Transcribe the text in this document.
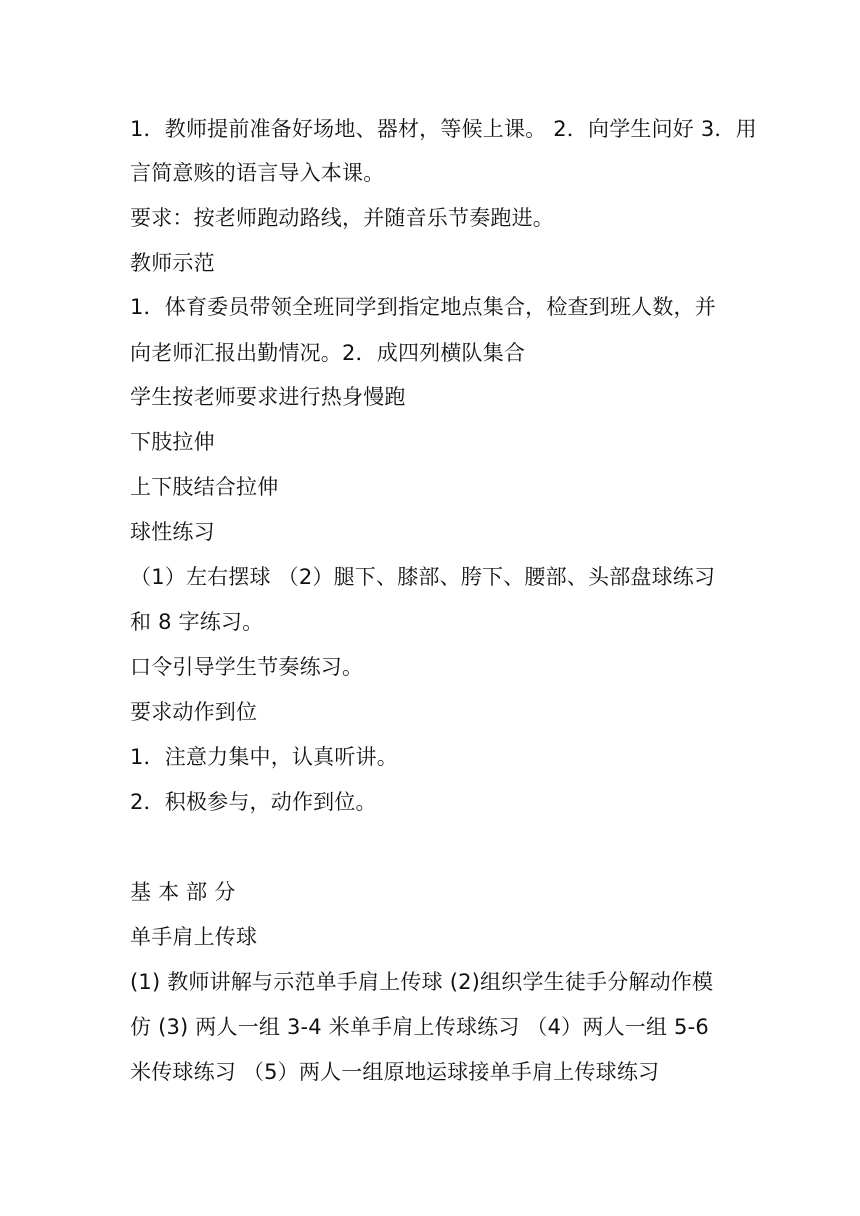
1．教师提前准备好场地、器材，等候上课。 2．向学生问好 3．用
言简意赅的语言导入本课。
要求：按老师跑动路线，并随音乐节奏跑进。
教师示范
1．体育委员带领全班同学到指定地点集合，检查到班人数，并
向老师汇报出勤情况。2．成四列横队集合
学生按老师要求进行热身慢跑
下肢拉伸
上下肢结合拉伸
球性练习
（1）左右摆球 （2）腿下、膝部、胯下、腰部、头部盘球练习
和 8 字练习。
口令引导学生节奏练习。
要求动作到位
1．注意力集中，认真听讲。
2．积极参与，动作到位。
基 本 部 分
单手肩上传球
(1) 教师讲解与示范单手肩上传球 (2)组织学生徒手分解动作模
仿 (3) 两人一组 3-4 米单手肩上传球练习 （4）两人一组 5-6
米传球练习 （5）两人一组原地运球接单手肩上传球练习
